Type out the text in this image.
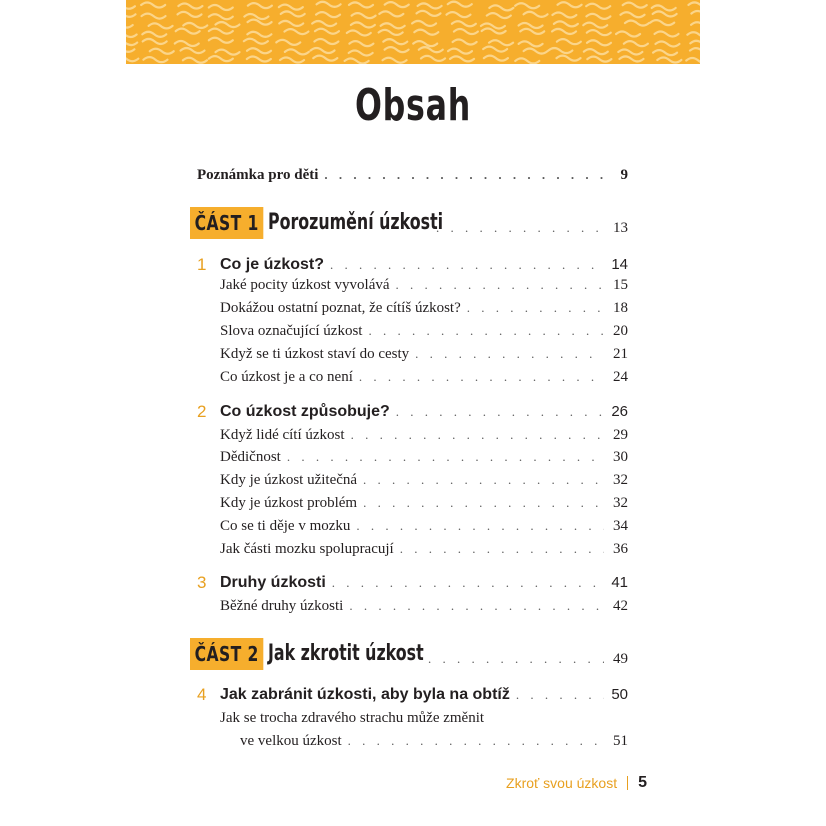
Obsah
Poznámka pro děti . . .	9
ČÁST 1 Porozumění úzkosti . . .	13
1 Co je úzkost? . . .	14
Jaké pocity úzkost vyvolává . . .	15
Dokážou ostatní poznat, že cítíš úzkost? . . .	18
Slova označující úzkost . . .	20
Když se ti úzkost staví do cesty . . .	21
Co úzkost je a co není . . .	24
2 Co úzkost způsobuje? . . .	26
Když lidé cítí úzkost . . .	29
Dědičnost . . .	30
Kdy je úzkost užitečná . . .	32
Kdy je úzkost problém . . .	32
Co se ti děje v mozku . . .	34
Jak části mozku spolupracují . . .	36
3 Druhy úzkosti . . .	41
Běžné druhy úzkosti . . .	42
ČÁST 2 Jak zkrotit úzkost . . .	49
4 Jak zabránit úzkosti, aby byla na obtíž . . .	50
Jak se trocha zdravého strachu může změnit
ve velkou úzkost . . .	51
Zkroť svou úzkost 5
